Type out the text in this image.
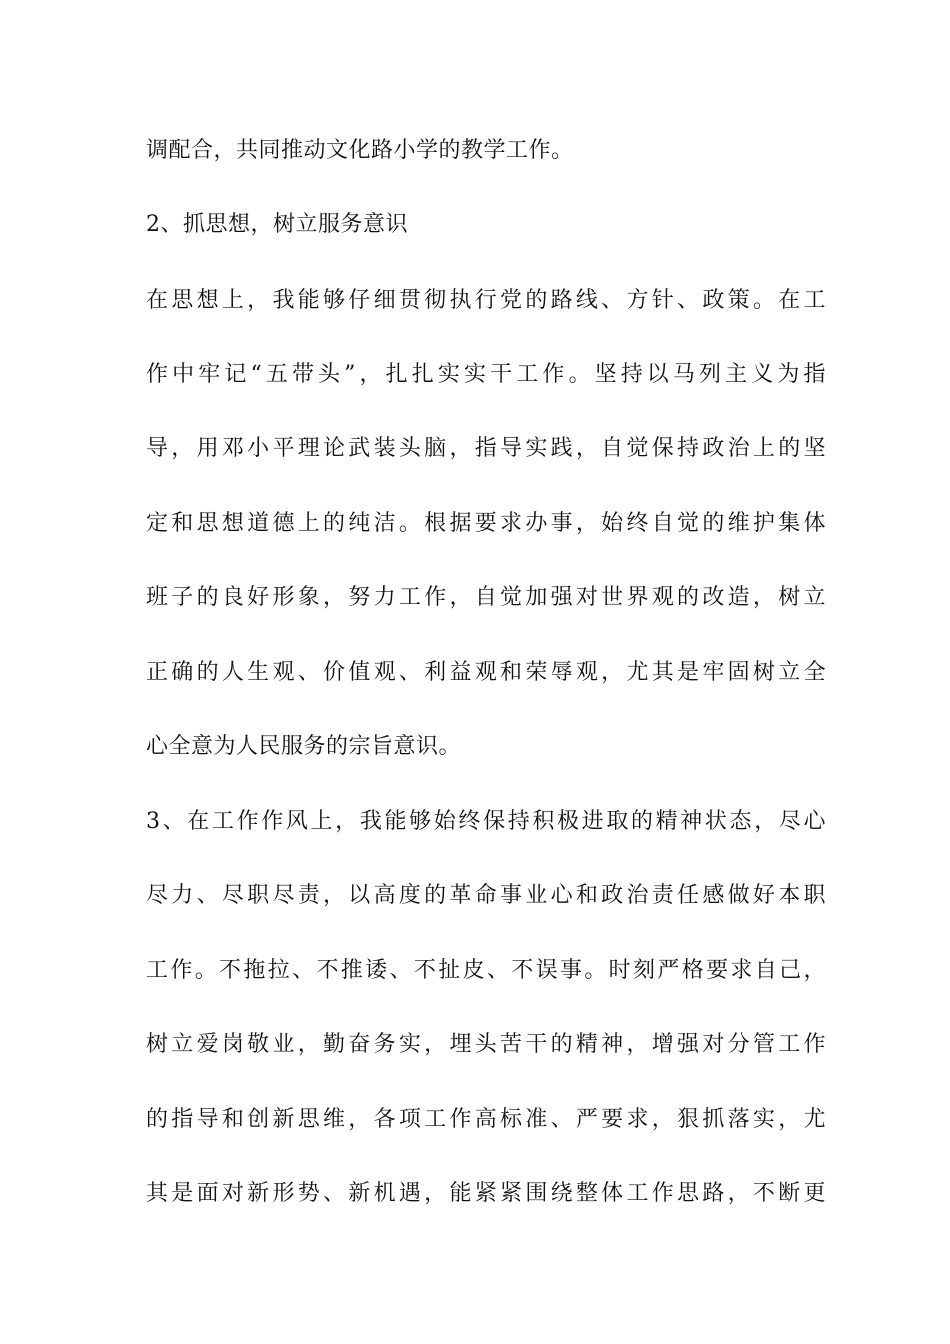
调配合，共同推动文化路小学的教学工作。
2、抓思想，树立服务意识
在思想上，我能够仔细贯彻执行党的路线、方针、政策。在工
作中牢记“五带头”，扎扎实实干工作。坚持以马列主义为指
导，用邓小平理论武装头脑，指导实践，自觉保持政治上的坚
定和思想道德上的纯洁。根据要求办事，始终自觉的维护集体
班子的良好形象，努力工作，自觉加强对世界观的改造，树立
正确的人生观、价值观、利益观和荣辱观，尤其是牢固树立全
心全意为人民服务的宗旨意识。
3、在工作作风上，我能够始终保持积极进取的精神状态，尽心
尽力、尽职尽责，以高度的革命事业心和政治责任感做好本职
工作。不拖拉、不推诿、不扯皮、不误事。时刻严格要求自己，
树立爱岗敬业，勤奋务实，埋头苦干的精神，增强对分管工作
的指导和创新思维，各项工作高标准、严要求，狠抓落实，尤
其是面对新形势、新机遇，能紧紧围绕整体工作思路，不断更
